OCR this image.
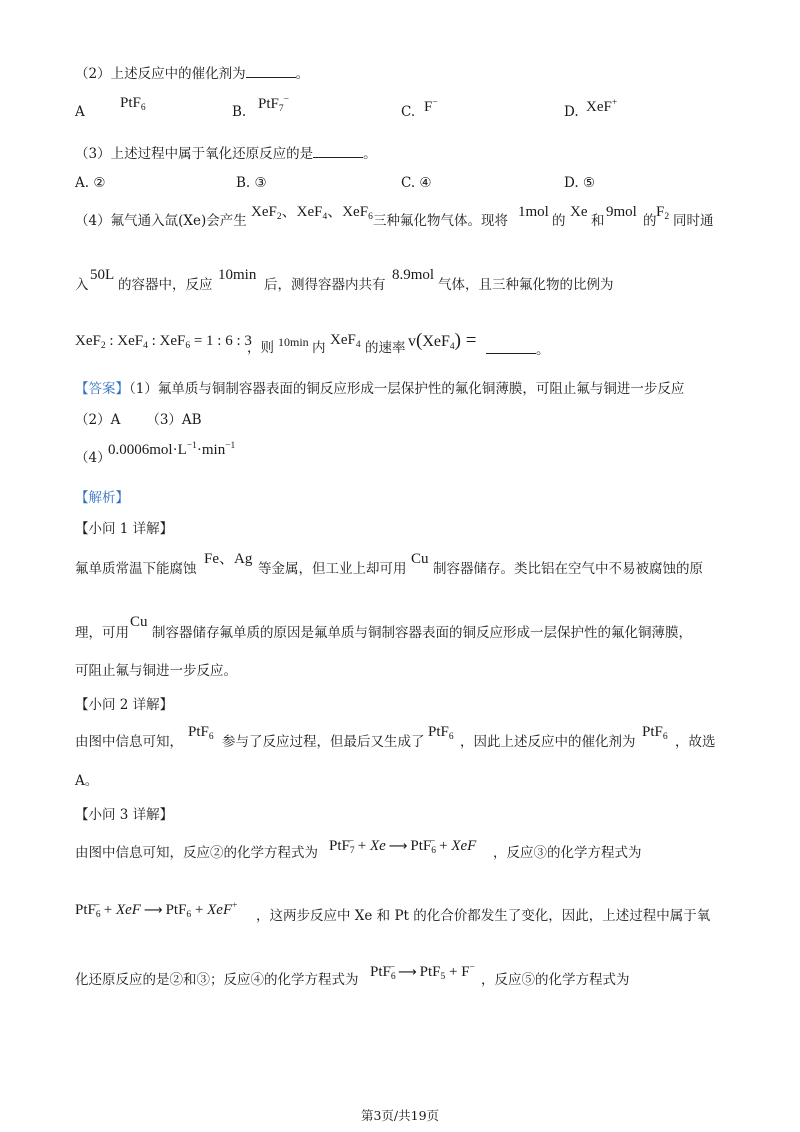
（2）上述反应中的催化剂为	。
A
PtF$_6$	B. PtF$_7$−
C. F−
D. XeF+
（3）上述过程中属于氧化还原反应的是	。
A. ②	B. ③	C. ④	D. ⑤
（4）氟气通入氙(Xe)会产生
XeF$_2$、XeF$_4$、XeF$_6$ 三种氟化物气体。现将
1mol
的
Xe
和
9mol
的
$F_2$ 同时通
入
50L
的容器中，反应
10min
后，测得容器内共有
8.9mol
气体，且三种氟化物的比例为
XeF$_2$ : XeF$_4$ : XeF$_6$ = 1 : 6 : 3
，则 10min 内 XeF$_4$ 的速率 v(XeF$_4$) =	。
【答案】（1）氟单质与铜制容器表面的铜反应形成一层保护性的氟化铜薄膜，可阻止氟与铜进一步反应
（2）A （3）AB
（4）
$0.0006mol\cdot L^{-1}\cdot\min^{-1}$
【解析】
【小问 1 详解】
氟单质常温下能腐蚀
Fe、Ag
等金属，但工业上却可用
Cu
制容器储存。类比铝在空气中不易被腐蚀的原
理，可用
Cu
制容器储存氟单质的原因是氟单质与铜制容器表面的铜反应形成一层保护性的氟化铜薄膜，
可阻止氟与铜进一步反应。
【小问 2 详解】
由图中信息可知，
PtF$_6$ 参与了反应过程，但最后又生成了
PtF$_6$ ，因此上述反应中的催化剂为
PtF$_6$ ，故选
A。
【小问 3 详解】
由图中信息可知，反应②的化学方程式为 PtF$_7$− + Xe ⟶ PtF$_6$− + XeF ，反应③的化学方程式为
PtF$_6$− + XeF ⟶ PtF$_6$ + XeF+
，这两步反应中 Xe 和 Pt 的化合价都发生了变化，因此，上述过程中属于氧
化还原反应的是②和③；反应④的化学方程式为 PtF$_6$− ⟶ PtF$_5$ + F−
，反应⑤的化学方程式为
第3页/共19页
